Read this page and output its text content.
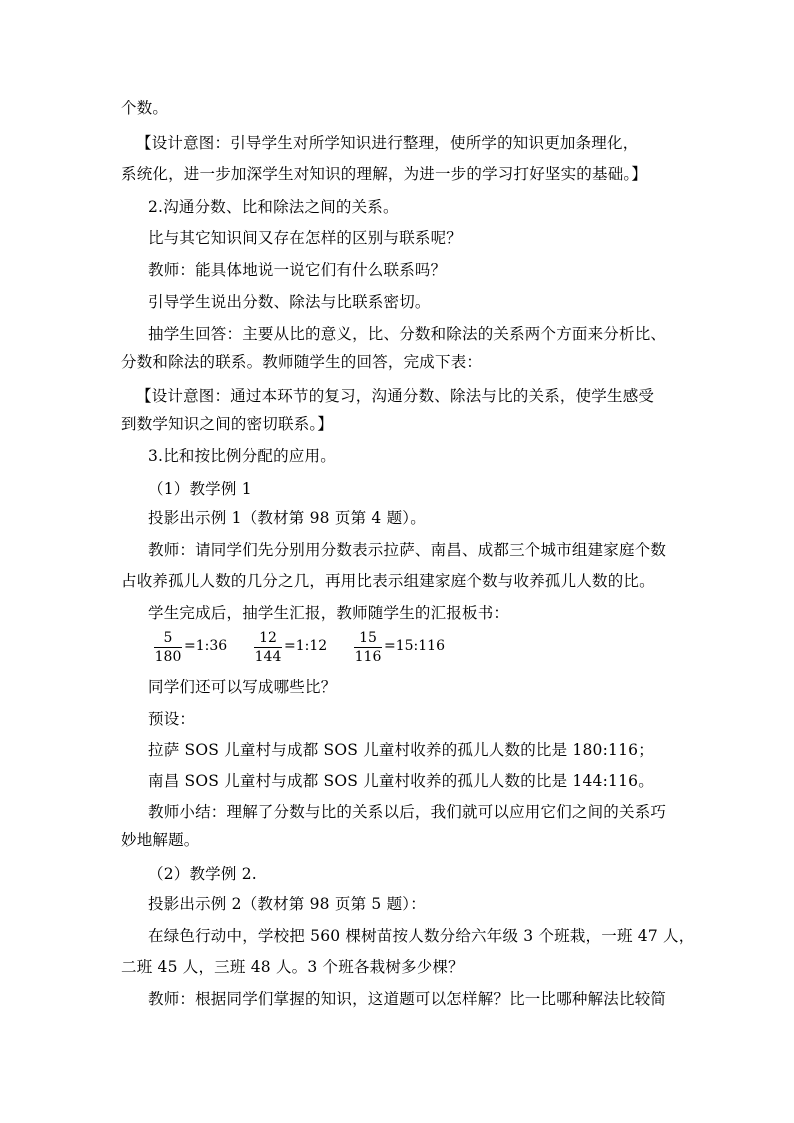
个数。
【设计意图：引导学生对所学知识进行整理，使所学的知识更加条理化，
系统化，进一步加深学生对知识的理解，为进一步的学习打好坚实的基础。】
2.沟通分数、比和除法之间的关系。
比与其它知识间又存在怎样的区别与联系呢？
教师：能具体地说一说它们有什么联系吗？
引导学生说出分数、除法与比联系密切。
抽学生回答：主要从比的意义，比、分数和除法的关系两个方面来分析比、
分数和除法的联系。教师随学生的回答，完成下表：
【设计意图：通过本环节的复习，沟通分数、除法与比的关系，使学生感受
到数学知识之间的密切联系。】
3.比和按比例分配的应用。
（1）教学例 1
投影出示例 1（教材第 98 页第 4 题）。
教师：请同学们先分别用分数表示拉萨、南昌、成都三个城市组建家庭个数
占收养孤儿人数的几分之几，再用比表示组建家庭个数与收养孤儿人数的比。
学生完成后，抽学生汇报，教师随学生的汇报板书：
5
180
=1:36	12
144
=1:12	15
116
=15:116
同学们还可以写成哪些比？
预设：
拉萨 SOS 儿童村与成都 SOS 儿童村收养的孤儿人数的比是 180:116；
南昌 SOS 儿童村与成都 SOS 儿童村收养的孤儿人数的比是 144:116。
教师小结：理解了分数与比的关系以后，我们就可以应用它们之间的关系巧
妙地解题。
（2）教学例 2.
投影出示例 2（教材第 98 页第 5 题）：
在绿色行动中，学校把 560 棵树苗按人数分给六年级 3 个班栽，一班 47 人，
二班 45 人，三班 48 人。3 个班各栽树多少棵？
教师：根据同学们掌握的知识，这道题可以怎样解？比一比哪种解法比较简
